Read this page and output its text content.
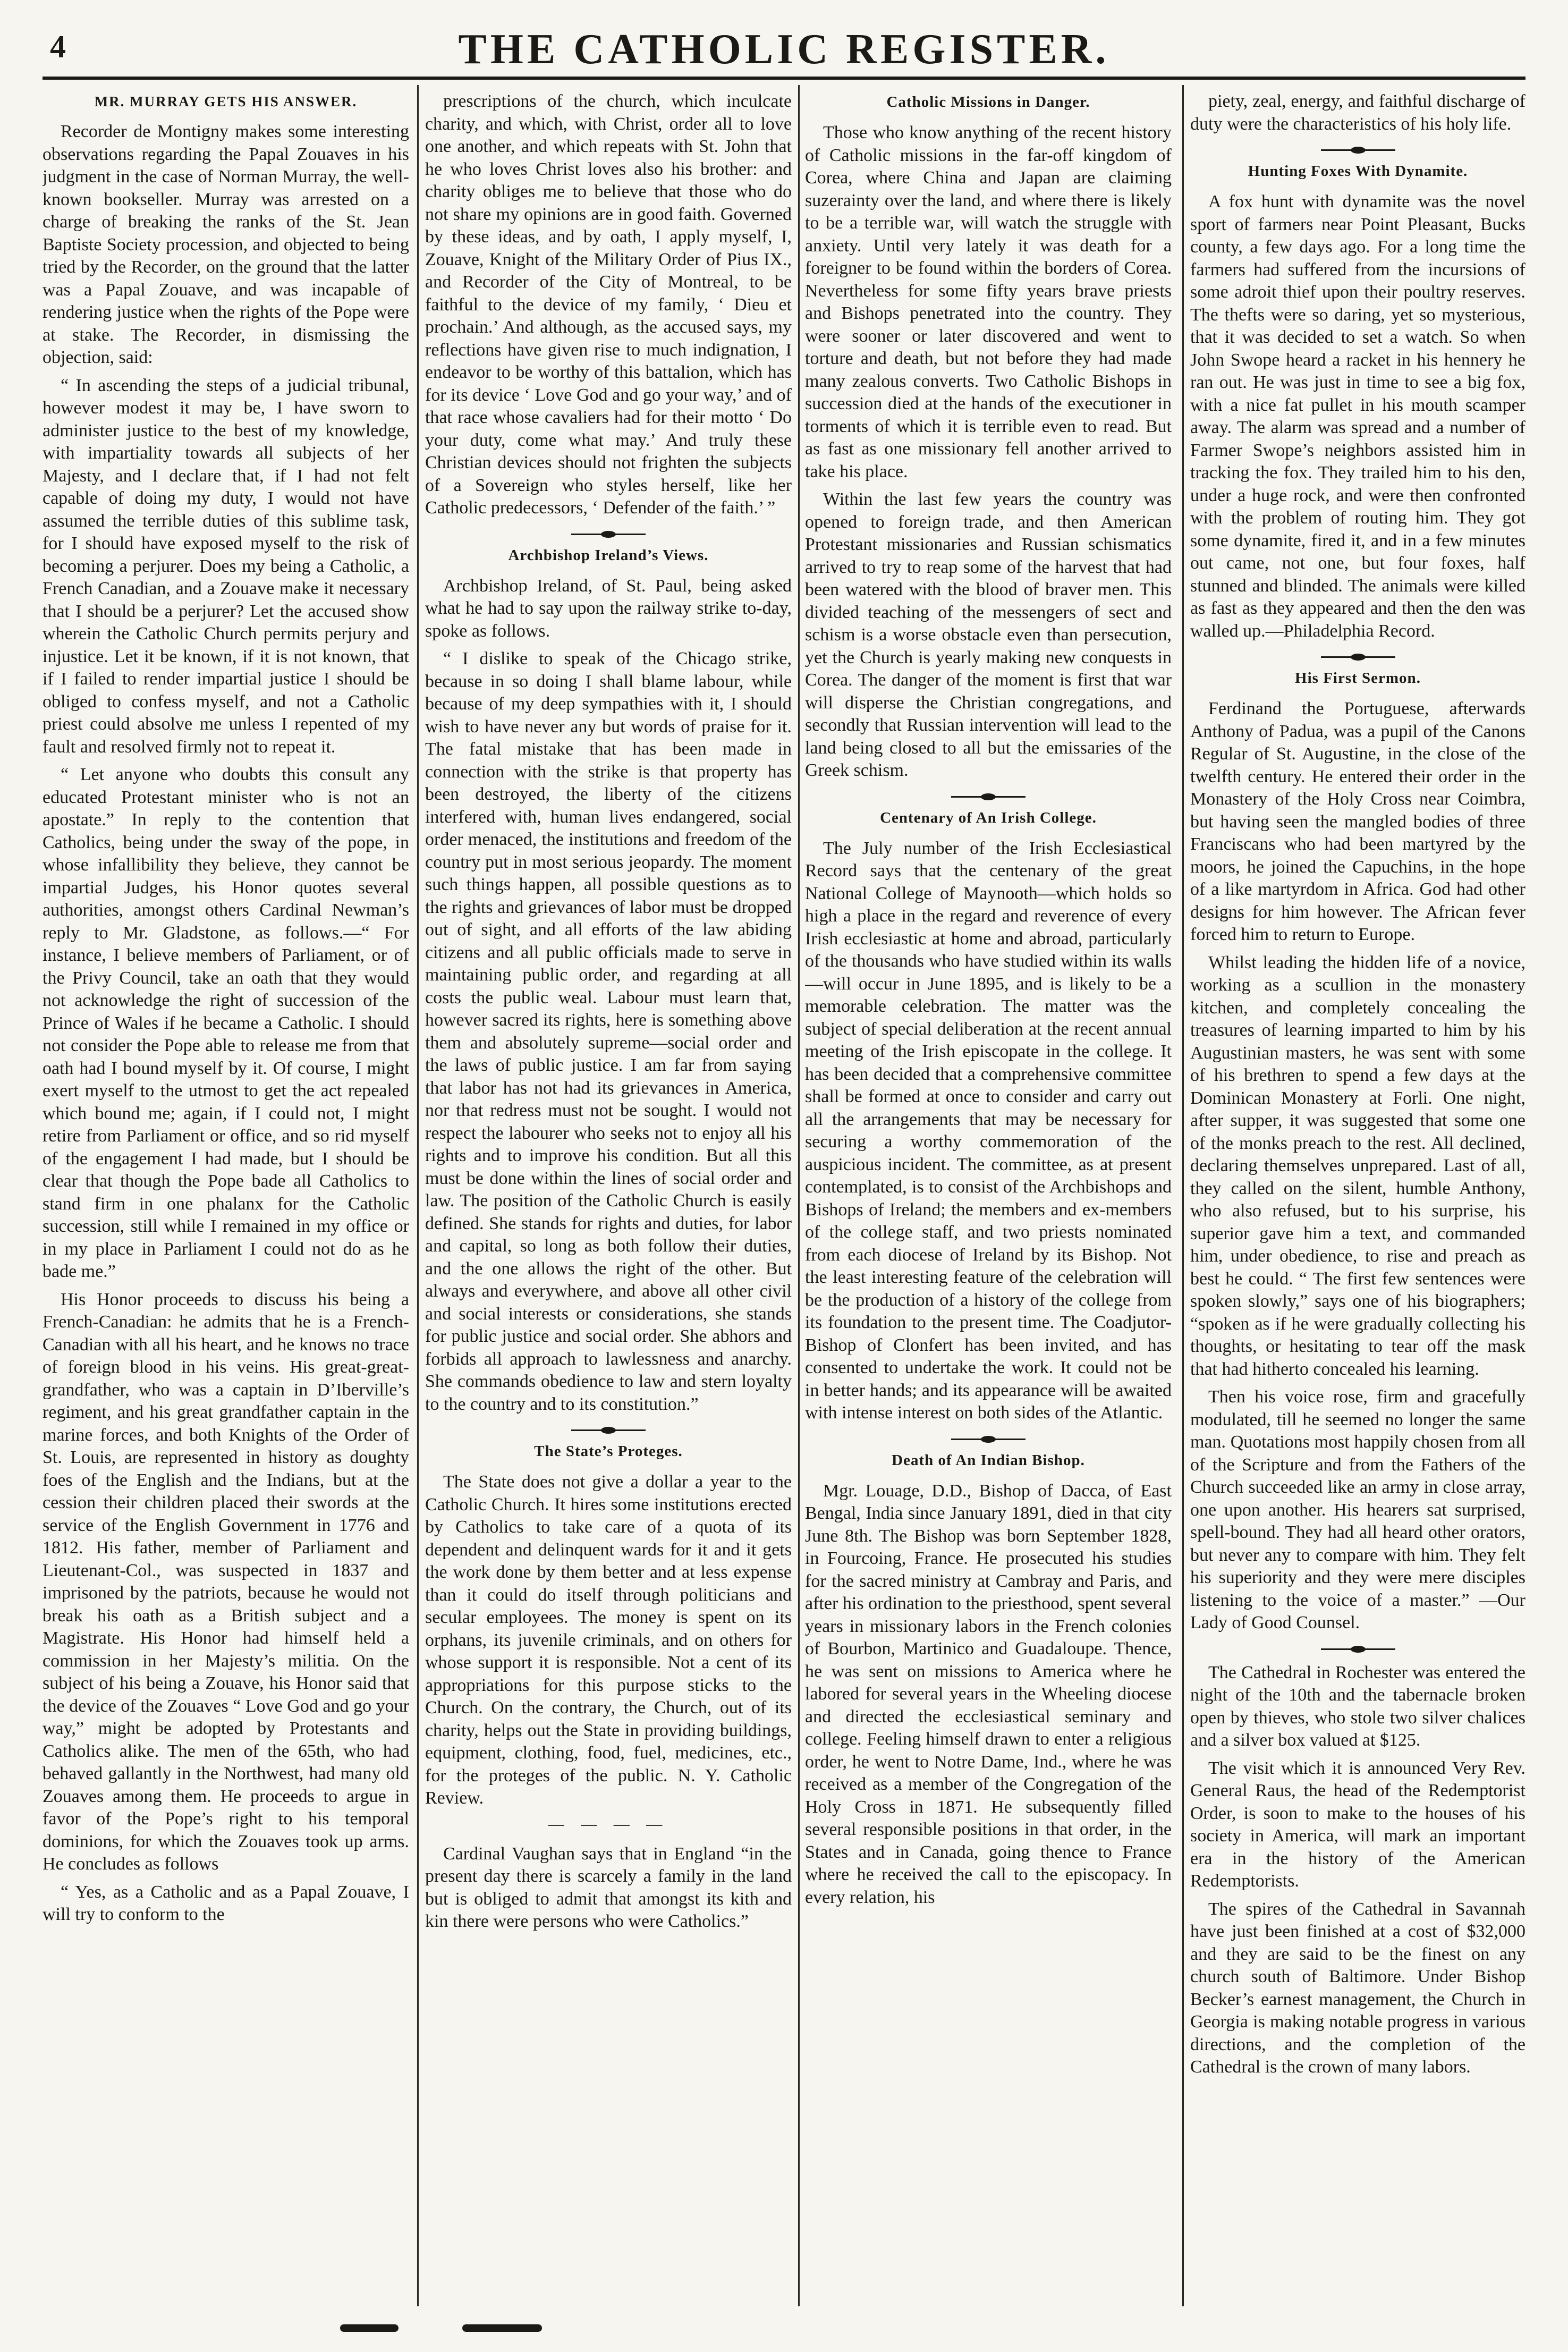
4	THE CATHOLIC REGISTER.
MR. MURRAY GETS HIS ANSWER.

Recorder de Montigny makes some interesting observations regarding the Papal Zouaves in his judgment in the case of Norman Murray, the well-known bookseller. Murray was arrested on a charge of breaking the ranks of the St. Jean Baptiste Society procession, and objected to being tried by the Recorder, on the ground that the latter was a Papal Zouave, and was incapable of rendering justice when the rights of the Pope were at stake. The Recorder, in dismissing the objection, said:

“ In ascending the steps of a judicial tribunal, however modest it may be, I have sworn to administer justice to the best of my knowledge, with impartiality towards all subjects of her Majesty, and I declare that, if I had not felt capable of doing my duty, I would not have assumed the terrible duties of this sublime task, for I should have exposed myself to the risk of becoming a perjurer. Does my being a Catholic, a French Canadian, and a Zouave make it necessary that I should be a perjurer? Let the accused show wherein the Catholic Church permits perjury and injustice. Let it be known, if it is not known, that if I failed to render impartial justice I should be obliged to confess myself, and not a Catholic priest could absolve me unless I repented of my fault and resolved firmly not to repeat it.

“ Let anyone who doubts this consult any educated Protestant minister who is not an apostate.” In reply to the contention that Catholics, being under the sway of the pope, in whose infallibility they believe, they cannot be impartial Judges, his Honor quotes several authorities, amongst others Cardinal Newman’s reply to Mr. Gladstone, as follows.—“ For instance, I believe members of Parliament, or of the Privy Council, take an oath that they would not acknowledge the right of succession of the Prince of Wales if he became a Catholic. I should not consider the Pope able to release me from that oath had I bound myself by it. Of course, I might exert myself to the utmost to get the act repealed which bound me; again, if I could not, I might retire from Parliament or office, and so rid myself of the engagement I had made, but I should be clear that though the Pope bade all Catholics to stand firm in one phalanx for the Catholic succession, still while I remained in my office or in my place in Parliament I could not do as he bade me.”

His Honor proceeds to discuss his being a French-Canadian: he admits that he is a French-Canadian with all his heart, and he knows no trace of foreign blood in his veins. His great-great-grandfather, who was a captain in D’Iberville’s regiment, and his great grandfather captain in the marine forces, and both Knights of the Order of St. Louis, are represented in history as doughty foes of the English and the Indians, but at the cession their children placed their swords at the service of the English Government in 1776 and 1812. His father, member of Parliament and Lieutenant-Col., was suspected in 1837 and imprisoned by the patriots, because he would not break his oath as a British subject and a Magistrate. His Honor had himself held a commission in her Majesty’s militia. On the subject of his being a Zouave, his Honor said that the device of the Zouaves “ Love God and go your way,” might be adopted by Protestants and Catholics alike. The men of the 65th, who had behaved gallantly in the Northwest, had many old Zouaves among them. He proceeds to argue in favor of the Pope’s right to his temporal dominions, for which the Zouaves took up arms. He concludes as follows

“ Yes, as a Catholic and as a Papal Zouave, I will try to conform to the

prescriptions of the church, which inculcate charity, and which, with Christ, order all to love one another, and which repeats with St. John that he who loves Christ loves also his brother: and charity obliges me to believe that those who do not share my opinions are in good faith. Governed by these ideas, and by oath, I apply myself, I, Zouave, Knight of the Military Order of Pius IX., and Recorder of the City of Montreal, to be faithful to the device of my family, ‘ Dieu et prochain.’ And although, as the accused says, my reflections have given rise to much indignation, I endeavor to be worthy of this battalion, which has for its device ‘ Love God and go your way,’ and of that race whose cavaliers had for their motto ‘ Do your duty, come what may.’ And truly these Christian devices should not frighten the subjects of a Sovereign who styles herself, like her Catholic predecessors, ‘ Defender of the faith.’ ”

Archbishop Ireland’s Views.

Archbishop Ireland, of St. Paul, being asked what he had to say upon the railway strike to-day, spoke as follows.

“ I dislike to speak of the Chicago strike, because in so doing I shall blame labour, while because of my deep sympathies with it, I should wish to have never any but words of praise for it. The fatal mistake that has been made in connection with the strike is that property has been destroyed, the liberty of the citizens interfered with, human lives endangered, social order menaced, the institutions and freedom of the country put in most serious jeopardy. The moment such things happen, all possible questions as to the rights and grievances of labor must be dropped out of sight, and all efforts of the law abiding citizens and all public officials made to serve in maintaining public order, and regarding at all costs the public weal. Labour must learn that, however sacred its rights, here is something above them and absolutely supreme—social order and the laws of public justice. I am far from saying that labor has not had its grievances in America, nor that redress must not be sought. I would not respect the labourer who seeks not to enjoy all his rights and to improve his condition. But all this must be done within the lines of social order and law. The position of the Catholic Church is easily defined. She stands for rights and duties, for labor and capital, so long as both follow their duties, and the one allows the right of the other. But always and everywhere, and above all other civil and social interests or considerations, she stands for public justice and social order. She abhors and forbids all approach to lawlessness and anarchy. She commands obedience to law and stern loyalty to the country and to its constitution.”

The State’s Proteges.

The State does not give a dollar a year to the Catholic Church. It hires some institutions erected by Catholics to take care of a quota of its dependent and delinquent wards for it and it gets the work done by them better and at less expense than it could do itself through politicians and secular employees. The money is spent on its orphans, its juvenile criminals, and on others for whose support it is responsible. Not a cent of its appropriations for this purpose sticks to the Church. On the contrary, the Church, out of its charity, helps out the State in providing buildings, equipment, clothing, food, fuel, medicines, etc., for the proteges of the public. N. Y. Catholic Review.

— — — —

Cardinal Vaughan says that in England “in the present day there is scarcely a family in the land but is obliged to admit that amongst its kith and kin there were persons who were Catholics.”

Catholic Missions in Danger.

Those who know anything of the recent history of Catholic missions in the far-off kingdom of Corea, where China and Japan are claiming suzerainty over the land, and where there is likely to be a terrible war, will watch the struggle with anxiety. Until very lately it was death for a foreigner to be found within the borders of Corea. Nevertheless for some fifty years brave priests and Bishops penetrated into the country. They were sooner or later discovered and went to torture and death, but not before they had made many zealous converts. Two Catholic Bishops in succession died at the hands of the executioner in torments of which it is terrible even to read. But as fast as one missionary fell another arrived to take his place.

Within the last few years the country was opened to foreign trade, and then American Protestant missionaries and Russian schismatics arrived to try to reap some of the harvest that had been watered with the blood of braver men. This divided teaching of the messengers of sect and schism is a worse obstacle even than persecution, yet the Church is yearly making new conquests in Corea. The danger of the moment is first that war will disperse the Christian congregations, and secondly that Russian intervention will lead to the land being closed to all but the emissaries of the Greek schism.

Centenary of An Irish College.

The July number of the Irish Ecclesiastical Record says that the centenary of the great National College of Maynooth—which holds so high a place in the regard and reverence of every Irish ecclesiastic at home and abroad, particularly of the thousands who have studied within its walls—will occur in June 1895, and is likely to be a memorable celebration. The matter was the subject of special deliberation at the recent annual meeting of the Irish episcopate in the college. It has been decided that a comprehensive committee shall be formed at once to consider and carry out all the arrangements that may be necessary for securing a worthy commemoration of the auspicious incident. The committee, as at present contemplated, is to consist of the Archbishops and Bishops of Ireland; the members and ex-members of the college staff, and two priests nominated from each diocese of Ireland by its Bishop. Not the least interesting feature of the celebration will be the production of a history of the college from its foundation to the present time. The Coadjutor-Bishop of Clonfert has been invited, and has consented to undertake the work. It could not be in better hands; and its appearance will be awaited with intense interest on both sides of the Atlantic.

Death of An Indian Bishop.

Mgr. Louage, D.D., Bishop of Dacca, of East Bengal, India since January 1891, died in that city June 8th. The Bishop was born September 1828, in Fourcoing, France. He prosecuted his studies for the sacred ministry at Cambray and Paris, and after his ordination to the priesthood, spent several years in missionary labors in the French colonies of Bourbon, Martinico and Guadaloupe. Thence, he was sent on missions to America where he labored for several years in the Wheeling diocese and directed the ecclesiastical seminary and college. Feeling himself drawn to enter a religious order, he went to Notre Dame, Ind., where he was received as a member of the Congregation of the Holy Cross in 1871. He subsequently filled several responsible positions in that order, in the States and in Canada, going thence to France where he received the call to the episcopacy. In every relation, his

piety, zeal, energy, and faithful discharge of duty were the characteristics of his holy life.

Hunting Foxes With Dynamite.

A fox hunt with dynamite was the novel sport of farmers near Point Pleasant, Bucks county, a few days ago. For a long time the farmers had suffered from the incursions of some adroit thief upon their poultry reserves. The thefts were so daring, yet so mysterious, that it was decided to set a watch. So when John Swope heard a racket in his hennery he ran out. He was just in time to see a big fox, with a nice fat pullet in his mouth scamper away. The alarm was spread and a number of Farmer Swope’s neighbors assisted him in tracking the fox. They trailed him to his den, under a huge rock, and were then confronted with the problem of routing him. They got some dynamite, fired it, and in a few minutes out came, not one, but four foxes, half stunned and blinded. The animals were killed as fast as they appeared and then the den was walled up.—Philadelphia Record.

His First Sermon.

Ferdinand the Portuguese, afterwards Anthony of Padua, was a pupil of the Canons Regular of St. Augustine, in the close of the twelfth century. He entered their order in the Monastery of the Holy Cross near Coimbra, but having seen the mangled bodies of three Franciscans who had been martyred by the moors, he joined the Capuchins, in the hope of a like martyrdom in Africa. God had other designs for him however. The African fever forced him to return to Europe.

Whilst leading the hidden life of a novice, working as a scullion in the monastery kitchen, and completely concealing the treasures of learning imparted to him by his Augustinian masters, he was sent with some of his brethren to spend a few days at the Dominican Monastery at Forli. One night, after supper, it was suggested that some one of the monks preach to the rest. All declined, declaring themselves unprepared. Last of all, they called on the silent, humble Anthony, who also refused, but to his surprise, his superior gave him a text, and commanded him, under obedience, to rise and preach as best he could. “ The first few sentences were spoken slowly,” says one of his biographers; “spoken as if he were gradually collecting his thoughts, or hesitating to tear off the mask that had hitherto concealed his learning.

Then his voice rose, firm and gracefully modulated, till he seemed no longer the same man. Quotations most happily chosen from all of the Scripture and from the Fathers of the Church succeeded like an army in close array, one upon another. His hearers sat surprised, spell-bound. They had all heard other orators, but never any to compare with him. They felt his superiority and they were mere disciples listening to the voice of a master.” —Our Lady of Good Counsel.

The Cathedral in Rochester was entered the night of the 10th and the tabernacle broken open by thieves, who stole two silver chalices and a silver box valued at $125.

The visit which it is announced Very Rev. General Raus, the head of the Redemptorist Order, is soon to make to the houses of his society in America, will mark an important era in the history of the American Redemptorists.

The spires of the Cathedral in Savannah have just been finished at a cost of $32,000 and they are said to be the finest on any church south of Baltimore. Under Bishop Becker’s earnest management, the Church in Georgia is making notable progress in various directions, and the completion of the Cathedral is the crown of many labors.
